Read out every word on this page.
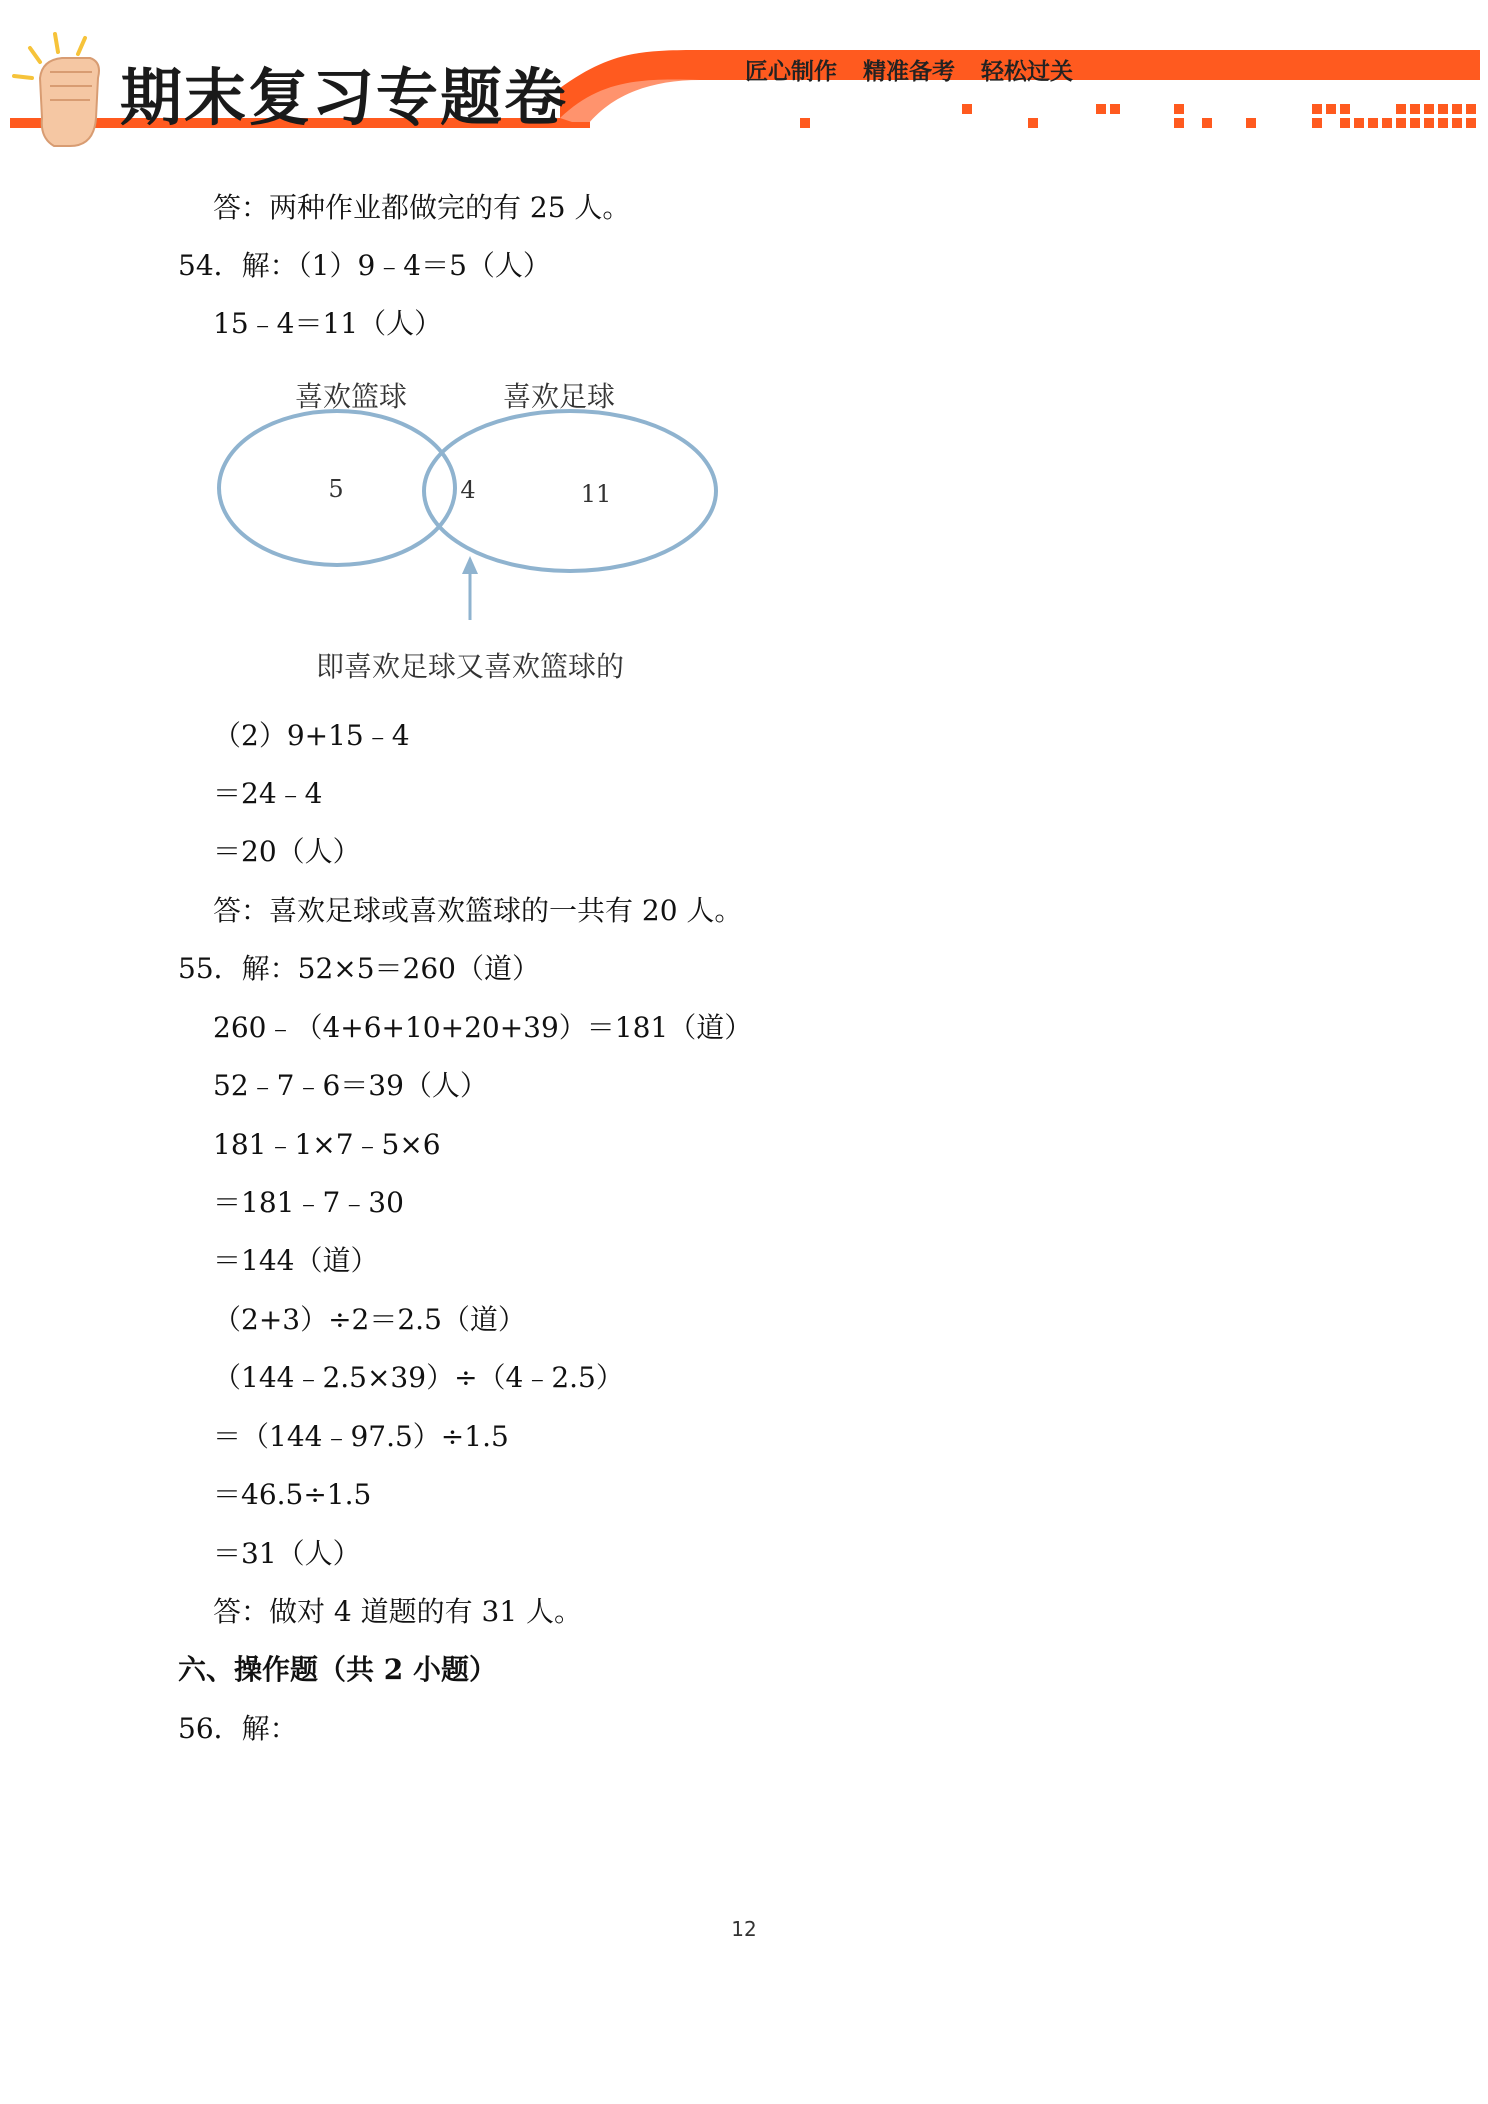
期末复习专题卷	匠心制作 精准备考 轻松过关
答：两种作业都做完的有 25 人。
54．解：（1）9﹣4＝5（人）
15﹣4＝11（人）
喜欢篮球	喜欢足球
5	4	11
即喜欢足球又喜欢篮球的
（2）9+15﹣4
＝24﹣4
＝20（人）
答：喜欢足球或喜欢篮球的一共有 20 人。
55．解：52×5＝260（道）
260﹣（4+6+10+20+39）＝181（道）
52﹣7﹣6＝39（人）
181﹣1×7﹣5×6
＝181﹣7﹣30
＝144（道）
（2+3）÷2＝2.5（道）
（144﹣2.5×39）÷（4﹣2.5）
＝（144﹣97.5）÷1.5
＝46.5÷1.5
＝31（人）
答：做对 4 道题的有 31 人。
六、操作题（共 2 小题）
56．解：
12
